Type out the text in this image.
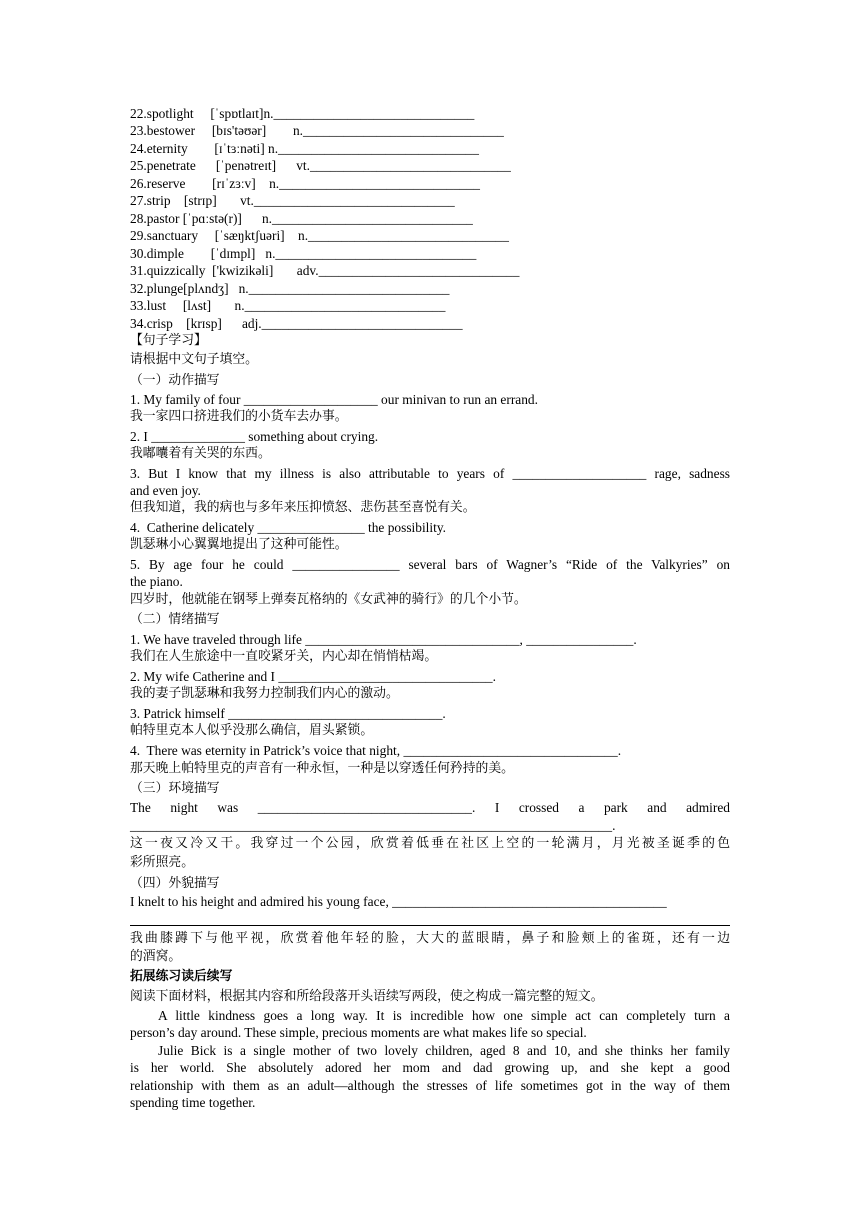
22.spotlight     [ˈspɒtlaɪt]n.______________________________
23.bestower     [bɪs'təʊər]        n.______________________________
24.eternity        [ɪˈtɜːnəti] n.______________________________
25.penetrate      [ˈpenətreɪt]      vt.______________________________
26.reserve        [rɪˈzɜːv]    n.______________________________
27.strip    [strɪp]       vt.______________________________
28.pastor [ˈpɑːstə(r)]      n.______________________________
29.sanctuary     [ˈsæŋktʃuəri]    n.______________________________
30.dimple        [ˈdɪmpl]   n.______________________________
31.quizzically  ['kwizikəli]       adv.______________________________
32.plunge[plʌndʒ]   n.______________________________
33.lust     [lʌst]       n.______________________________
34.crisp    [krɪsp]      adj.______________________________
【句子学习】
请根据中文句子填空。
（一）动作描写
1. My family of four ____________________ our minivan to run an errand.
我一家四口挤进我们的小货车去办事。
2. I ______________ something about crying.
我嘟囔着有关哭的东西。
3. But I know that my illness is also attributable to years of ____________________ rage, sadness
and even joy.
但我知道，我的病也与多年来压抑愤怒、悲伤甚至喜悦有关。
4.  Catherine delicately ________________ the possibility.
凯瑟琳小心翼翼地提出了这种可能性。
5. By age four he could ________________ several bars of Wagner’s “Ride of the Valkyries” on
the piano.
四岁时，他就能在钢琴上弹奏瓦格纳的《女武神的骑行》的几个小节。
（二）情绪描写
1. We have traveled through life ________________________________, ________________.
我们在人生旅途中一直咬紧牙关，内心却在悄悄枯竭。
2. My wife Catherine and I ________________________________.
我的妻子凯瑟琳和我努力控制我们内心的激动。
3. Patrick himself ________________________________.
帕特里克本人似乎没那么确信，眉头紧锁。
4.  There was eternity in Patrick’s voice that night, ________________________________.
那天晚上帕特里克的声音有一种永恒，一种是以穿透任何矜持的美。
（三）环境描写
The night was ________________________________. I crossed a park and admired
________________________________________________________________________.
这一夜又冷又干。我穿过一个公园，欣赏着低垂在社区上空的一轮满月，月光被圣诞季的色
彩所照亮。
（四）外貌描写
I knelt to his height and admired his young face, _________________________________________
我曲膝蹲下与他平视，欣赏着他年轻的脸，大大的蓝眼睛，鼻子和脸颊上的雀斑，还有一边
的酒窝。
拓展练习读后续写
阅读下面材料，根据其内容和所给段落开头语续写两段，使之构成一篇完整的短文。
A little kindness goes a long way. It is incredible how one simple act can completely turn a
person’s day around. These simple, precious moments are what makes life so special.
Julie Bick is a single mother of two lovely children, aged 8 and 10, and she thinks her family
is her world. She absolutely adored her mom and dad growing up, and she kept a good
relationship with them as an adult—although the stresses of life sometimes got in the way of them
spending time together.
